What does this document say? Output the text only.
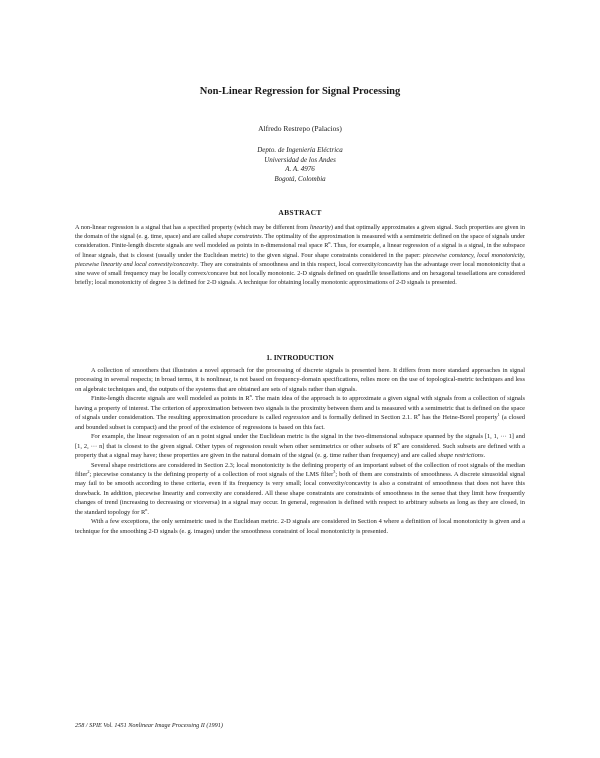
Non-Linear Regression for Signal Processing
Alfredo Restrepo (Palacios)
Depto. de Ingeniería Eléctrica
Universidad de los Andes
A. A. 4976
Bogotá, Colombia
ABSTRACT

A non-linear regression is a signal that has a specified property (which may be different from linearity) and that optimally approximates a given signal. Such properties are given in the domain of the signal (e. g. time, space) and are called shape constraints. The optimality of the approximation is measured with a semimetric defined on the space of signals under consideration. Finite-length discrete signals are well modeled as points in n-dimensional real space $R^n$. Thus, for example, a linear regression of a signal is a signal, in the subspace of linear signals, that is closest (usually under the Euclidean metric) to the given signal. Four shape constraints considered in the paper: piecewise constancy, local monotonicity, piecewise linearity and local convexity/concavity. They are constraints of smoothness and in this respect, local convexity/concavity has the advantage over local monotonicity that a sine wave of small frequency may be locally convex/concave but not locally monotonic. 2-D signals defined on quadrille tessellations and on hexagonal tessellations are considered briefly; local monotonicity of degree 3 is defined for 2-D signals. A technique for obtaining locally monotonic approximations of 2-D signals is presented.

1. INTRODUCTION

A collection of smoothers that illustrates a novel approach for the processing of discrete signals is presented here. It differs from more standard approaches in signal processing in several respects; in broad terms, it is nonlinear, is not based on frequency-domain specifications, relies more on the use of topological-metric techniques and less on algebraic techniques and, the outputs of the systems that are obtained are sets of signals rather than signals.

Finite-length discrete signals are well modeled as points in $R^n$. The main idea of the approach is to approximate a given signal with signals from a collection of signals having a property of interest. The criterion of approximation between two signals is the proximity between them and is measured with a semimetric that is defined on the space of signals under consideration. The resulting approximation procedure is called regression and is formally defined in Section 2.1. $R^n$ has the Heine-Borel property$^1$ (a closed and bounded subset is compact) and the proof of the existence of regressions is based on this fact.

For example, the linear regression of an n point signal under the Euclidean metric is the signal in the two-dimensional subspace spanned by the signals [1, 1, ··· 1] and [1, 2, ··· n] that is closest to the given signal. Other types of regression result when other semimetrics or other subsets of $R^n$ are considered. Such subsets are defined with a property that a signal may have; these properties are given in the natural domain of the signal (e. g. time rather than frequency) and are called shape restrictions.

Several shape restrictions are considered in Section 2.3; local monotonicity is the defining property of an important subset of the collection of root signals of the median filter$^2$; piecewise constancy is the defining property of a collection of root signals of the LMS filter$^3$; both of them are constraints of smoothness. A discrete sinusoidal signal may fail to be smooth according to these criteria, even if its frequency is very small; local convexity/concavity is also a constraint of smoothness that does not have this drawback. In addition, piecewise linearity and convexity are considered. All these shape constraints are constraints of smoothness in the sense that they limit how frequently changes of trend (increasing to decreasing or viceversa) in a signal may occur. In general, regression is defined with respect to arbitrary subsets as long as they are closed, in the standard topology for $R^n$.

With a few exceptions, the only semimetric used is the Euclidean metric. 2-D signals are considered in Section 4 where a definition of local monotonicity is given and a technique for the smoothing 2-D signals (e. g. images) under the smoothness constraint of local monotonicity is presented.

258 / SPIE Vol. 1451 Nonlinear Image Processing II (1991)
